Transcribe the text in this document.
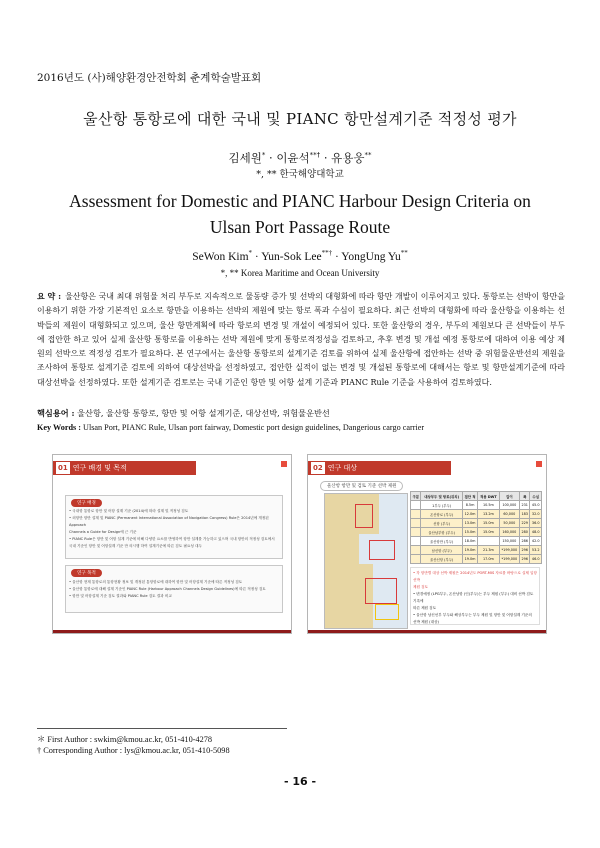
2016년도 (사)해양환경안전학회 춘계학술발표회
울산항 통항로에 대한 국내 및 PIANC 항만설계기준 적정성 평가
김세원* · 이윤석**† · 유용웅**
*, ** 한국해양대학교
Assessment for Domestic and PIANC Harbour Design Criteria on
Ulsan Port Passage Route
SeWon Kim* · Yun-Sok Lee**† · YongUng Yu**
*, ** Korea Maritime and Ocean University
요 약 : 울산항은 국내 최대 위험물 처리 부두로 지속적으로 물동량 증가 및 선박의 대형화에 따라 항만 개발이 이루어지고 있다. 통항로는 선박이 항만을 이용하기 위한 가장 기본적인 요소로 항만을 이용하는 선박의 제원에 맞는 항로 폭과 수심이 필요하다. 최근 선박의 대형화에 따라 울산항을 이용하는 선박들의 제원이 대형화되고 있으며, 울산 항만계획에 따라 항로의 변경 및 개설이 예정되어 있다. 또한 울산항의 경우, 부두의 제원보다 큰 선박들이 부두에 접안한 하고 있어 실제 울산항 통항로를 이용하는 선박 제원에 맞게 통항로적정성을 검토하고, 추후 변경 및 개설 예정 통항로에 대하여 이용 예상 제원의 선박으로 적정성 검토가 필요하다. 본 연구에서는 울산항 통항로의 설계기준 검토를 위하여 실제 울산항에 접안하는 선박 중 위험물운반선의 제원을 조사하여 통항로 설계기준 검토에 의하여 대상선박을 선정하였고, 접안한 실적이 없는 변경 및 개설된 통항로에 대해서는 항로 및 항만설계기준에 따라 대상선박을 선정하였다. 또한 설계기준 검토로는 국내 기준인 항만 및 어항 설계 기준과 PIANC Rule 기준을 사용하여 검토하였다.
핵심용어 : 울산항, 울산항 통항로, 항만 및 어항 설계기준, 대상선박, 위험물운반선
Key Words : Ulsan Port, PIANC Rule, Ulsan port fairway, Domestic port design guidelines, Dangerious cargo carrier
01 연구 배경 및 목적
연구 배경
• 국내항 통항로 항만 및 어항 설계 기준 (2014)에 따라 설계 및 적정성 검토
• 외항만 항만 설계 및 PIANC (Permanent International Association of Navigation Congress) Rule은 2014년에 개정된 Approach
Channels a Guide for Design에 근 기준
• PIANC Rule은 항만 및 어항 설계 기준에 비해 다양한 요소를 반영하여 항만 설계를 가능하고 있으며 국내 항만의 적정성 검토에서
국내 기준인 항만 및 어항설계 기준 만 의시행 하여 설계기준에 따른 검토 필요성 대두
연구 목적
• 울산항 현재 통항로의 통항현황 정보 및 개정된 통항항로에 대하여 항만 및 어항설계 기준에 따른 적정성 검토
• 울산항 통항로에 대해 설계 기준인 PIANC Rule (Harbour Approach Channels Design Guidelines)에 따른 적정성 검토
• 항만 및 어항설계 기준 검토 결과와 PIANC Rule 검토 결과 비교
02 연구 대상
울산항 항만 및 검토 기준 선박 제원
구분	대상부두 및 항로(위치)	접안 척	적용 DWT	길이	폭	수심
	1부두 (부두)	8.5m	10.5m	100,000	231	45.0
	온산항로 (부두)	12.0m	13.2m	60,000	183	32.0
	신항 (부두)	13.0m	15.0m	50,000	229	36.0
	울산남부항 (부두)	15.0m	15.0m	160,000	280	48.0
	울산항만 (부두)	18.0m		150,000	286	42.0
	남신항 (부두)	19.0m	21.3m	*199,000	296	53.2
	울산신항 (부두)	19.0m	17.0m	*199,000	296	46.0
• 각 항만별 대상 선박 제원은 2014년도 PORT-MIS 자료를 바탕으로 실제 입항 선박
제원 검토
• 변경예정 (LPG부두, 온산남항 (인)부두)는 부두 제원 (부두) 대비 선박 검토 기록에
따른 제원 검토
• 울산항 남신선부 부두와 해상부두는 부두 제원 및 항만 및 어항설계 기준의
선박 제원 (대상)
＊ First Author : swkim@kmou.ac.kr, 051-410-4278
† Corresponding Author : lys@kmou.ac.kr, 051-410-5098
- 16 -
